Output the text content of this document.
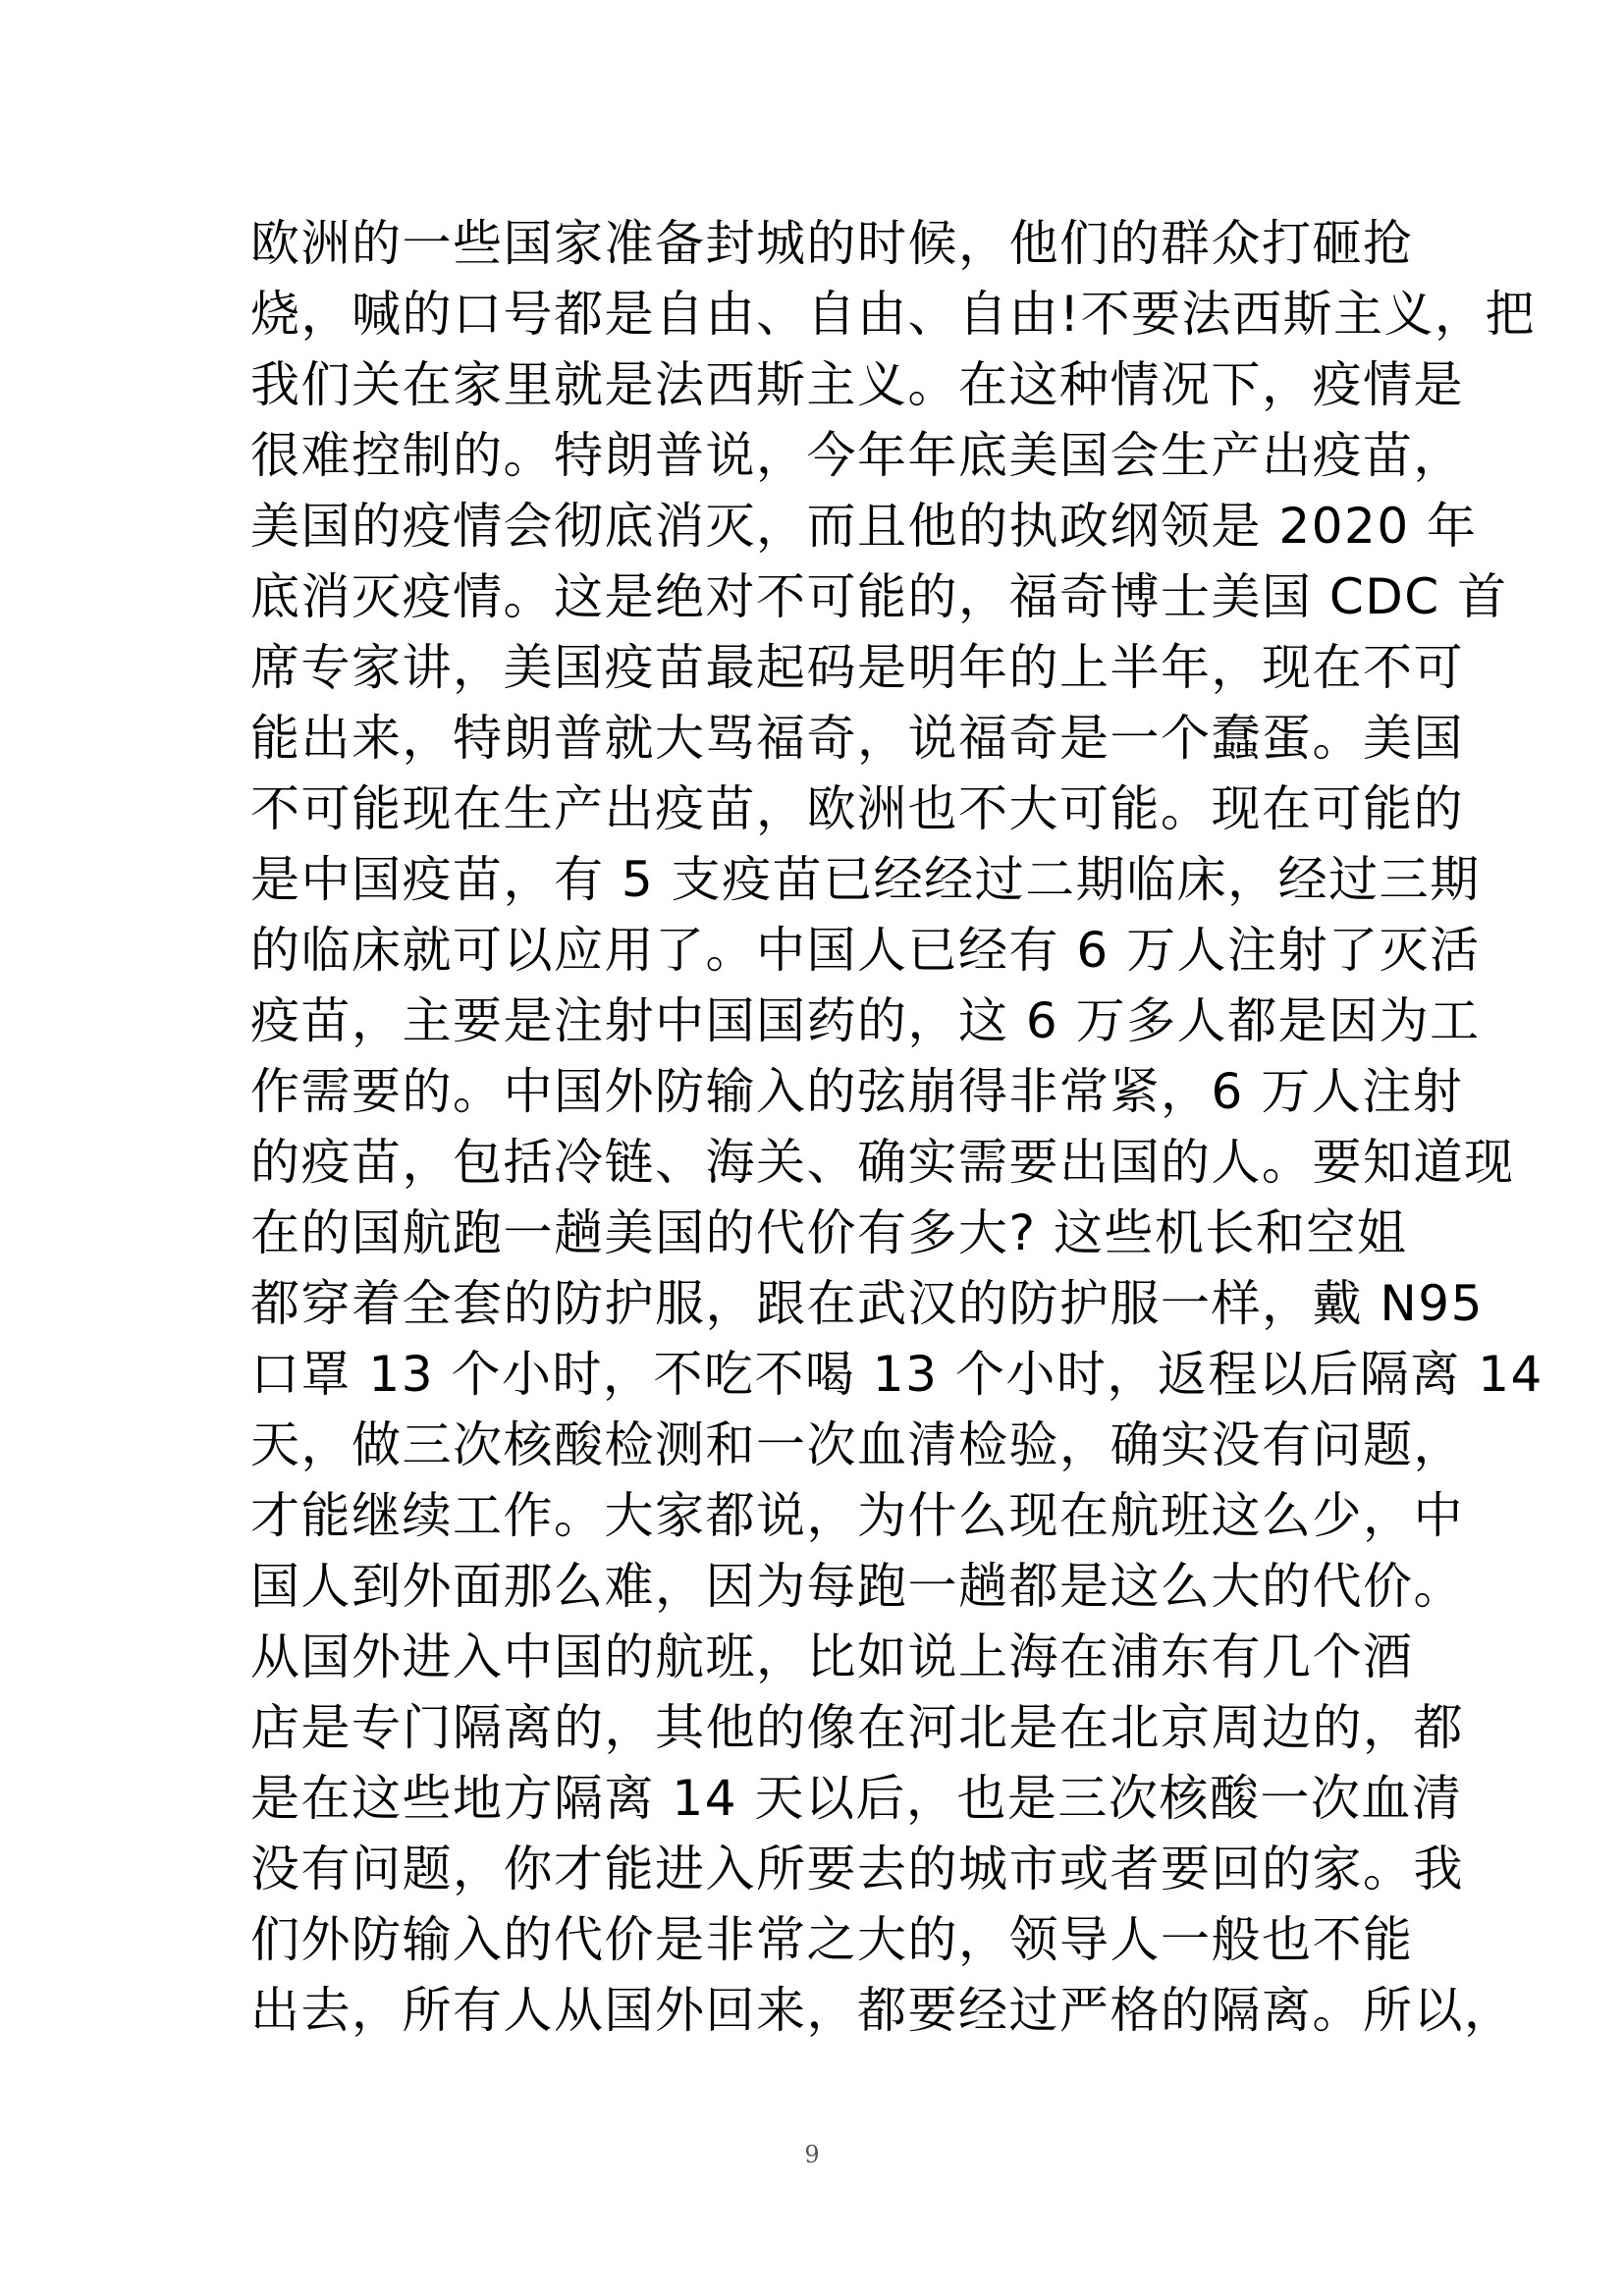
欧洲的一些国家准备封城的时候，他们的群众打砸抢
烧，喊的口号都是自由、自由、自由!不要法西斯主义，把
我们关在家里就是法西斯主义。在这种情况下，疫情是
很难控制的。特朗普说，今年年底美国会生产出疫苗，
美国的疫情会彻底消灭，而且他的执政纲领是 2020 年
底消灭疫情。这是绝对不可能的，福奇博士美国 CDC 首
席专家讲，美国疫苗最起码是明年的上半年，现在不可
能出来，特朗普就大骂福奇，说福奇是一个蠢蛋。美国
不可能现在生产出疫苗，欧洲也不大可能。现在可能的
是中国疫苗，有 5 支疫苗已经经过二期临床，经过三期
的临床就可以应用了。中国人已经有 6 万人注射了灭活
疫苗，主要是注射中国国药的，这 6 万多人都是因为工
作需要的。中国外防输入的弦崩得非常紧，6 万人注射
的疫苗，包括冷链、海关、确实需要出国的人。要知道现
在的国航跑一趟美国的代价有多大? 这些机长和空姐
都穿着全套的防护服，跟在武汉的防护服一样，戴 N95
口罩 13 个小时，不吃不喝 13 个小时，返程以后隔离 14
天，做三次核酸检测和一次血清检验，确实没有问题，
才能继续工作。大家都说，为什么现在航班这么少，中
国人到外面那么难，因为每跑一趟都是这么大的代价。
从国外进入中国的航班，比如说上海在浦东有几个酒
店是专门隔离的，其他的像在河北是在北京周边的，都
是在这些地方隔离 14 天以后，也是三次核酸一次血清
没有问题，你才能进入所要去的城市或者要回的家。我
们外防输入的代价是非常之大的，领导人一般也不能
出去，所有人从国外回来，都要经过严格的隔离。所以，
9
